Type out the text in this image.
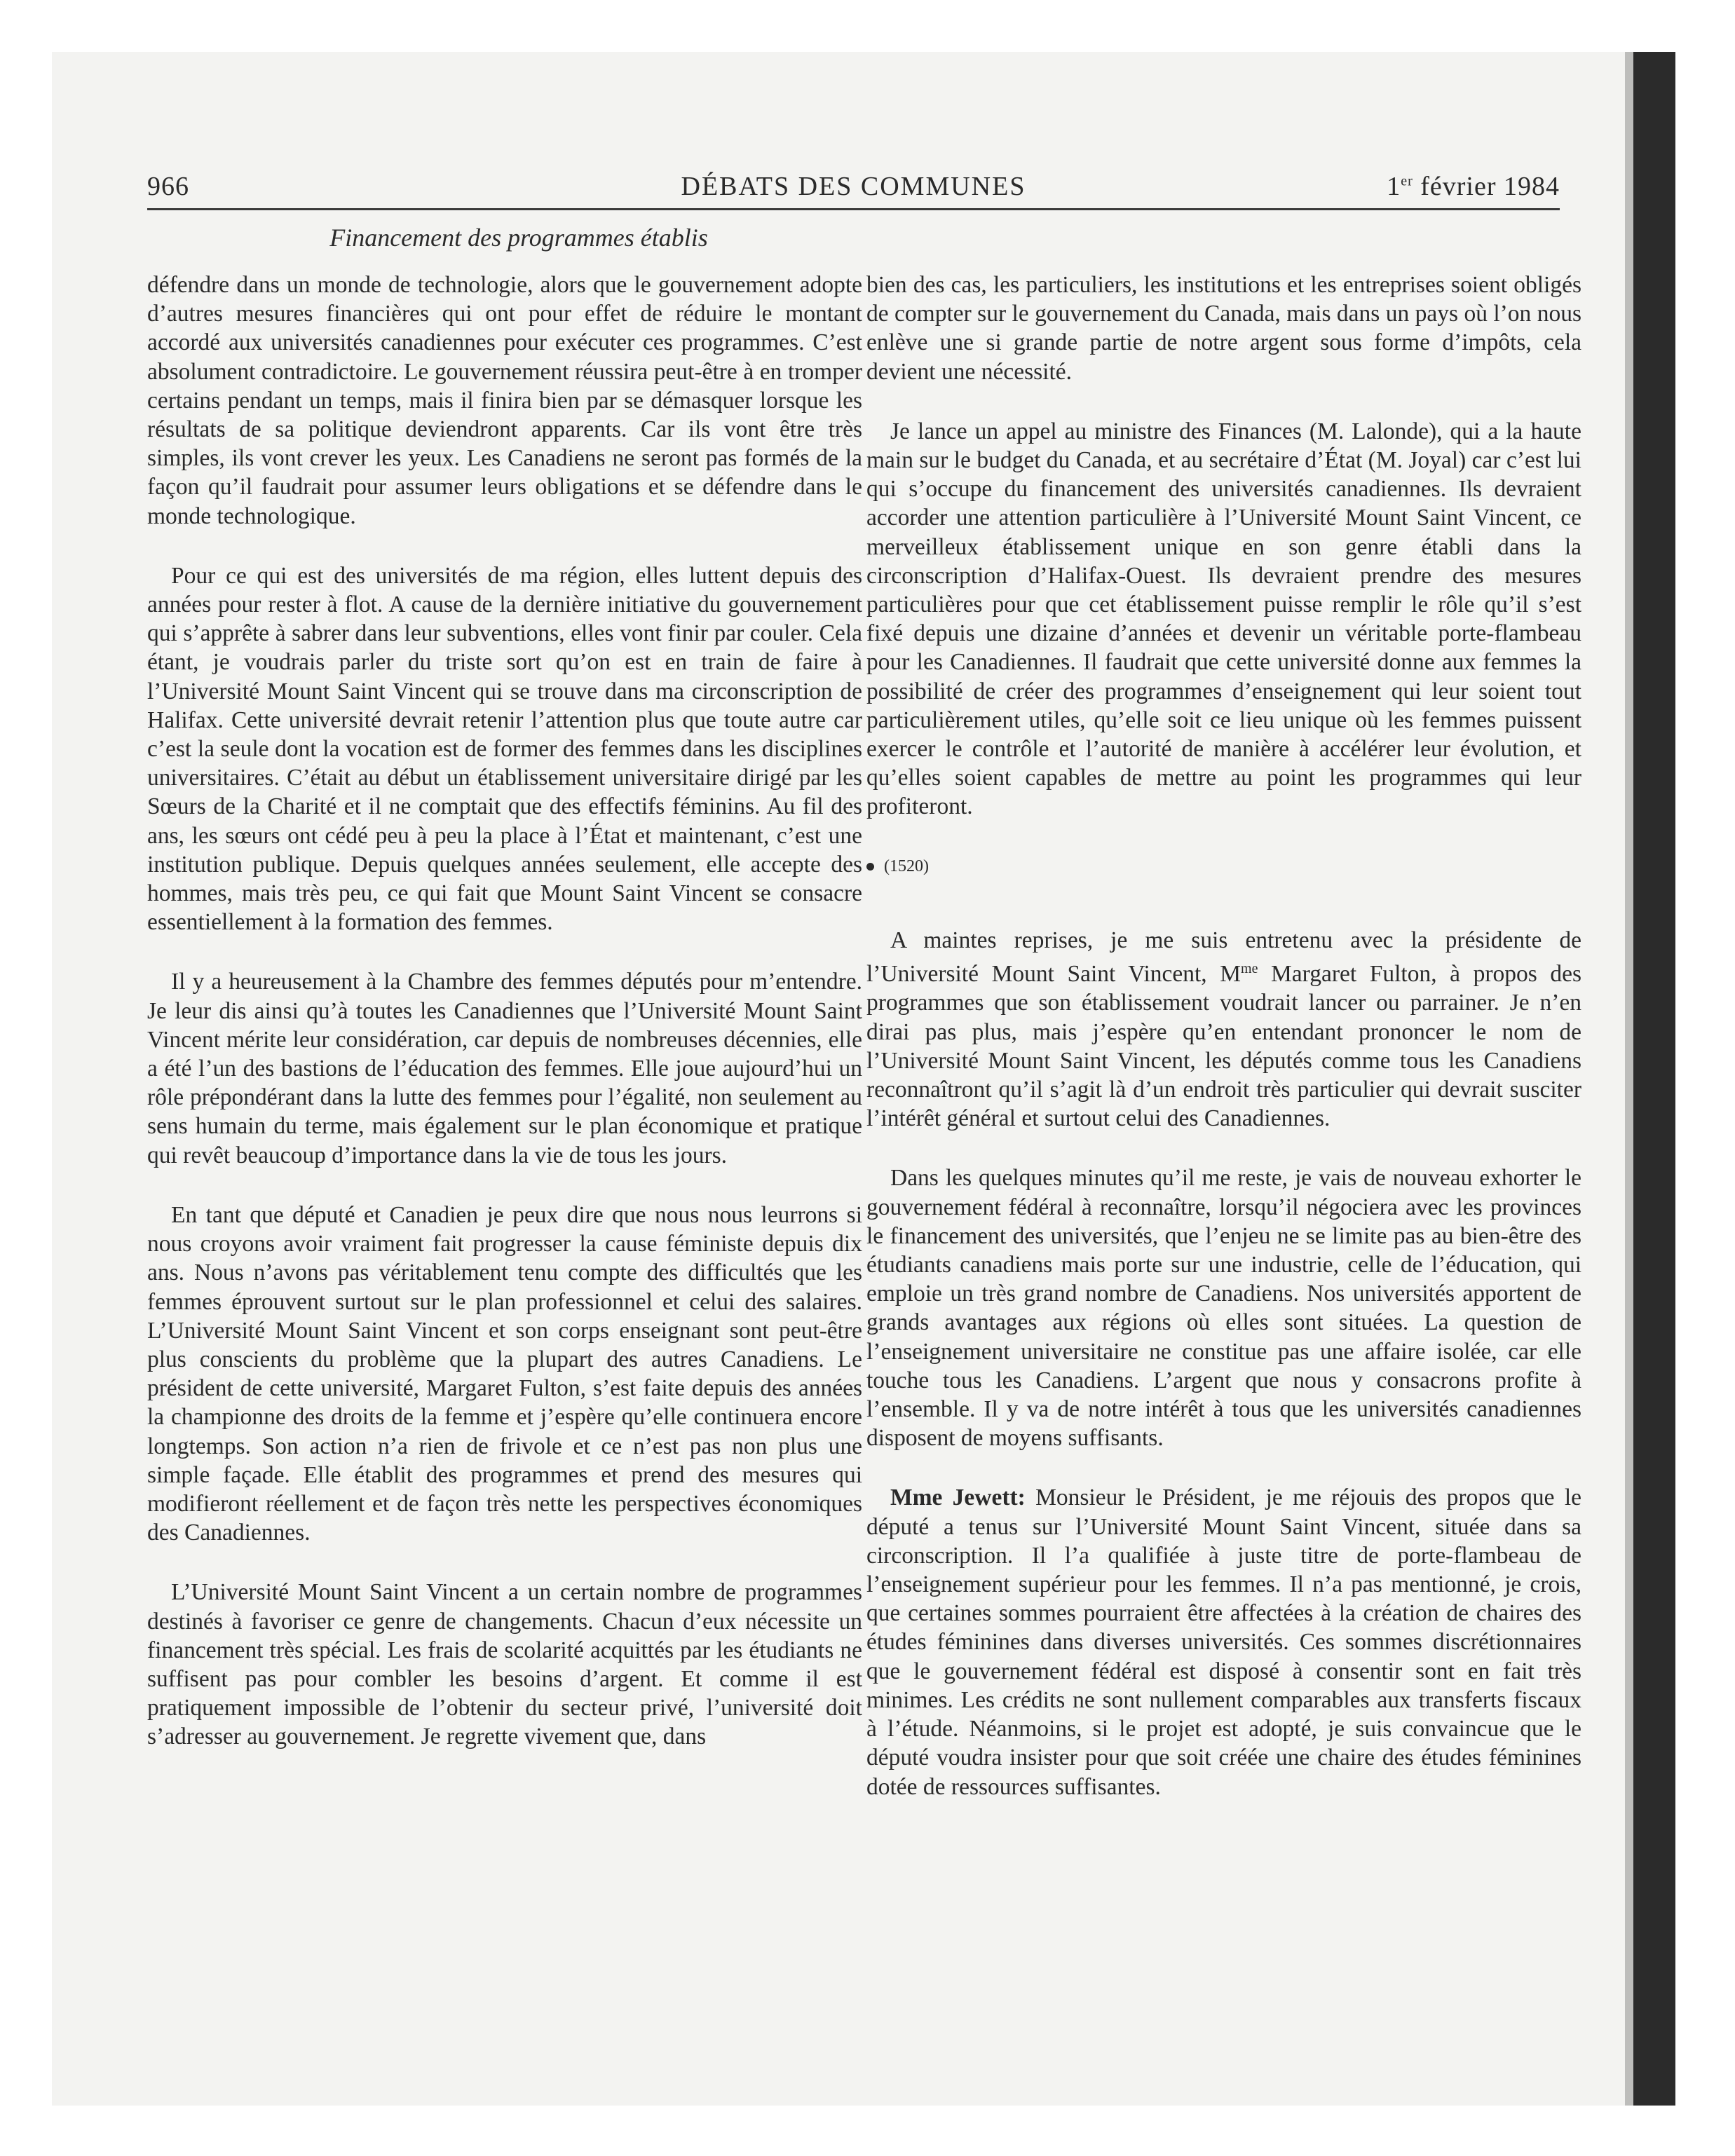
966	DÉBATS DES COMMUNES	1er février 1984
Financement des programmes établis

défendre dans un monde de technologie, alors que le gouvernement adopte d’autres mesures financières qui ont pour effet de réduire le montant accordé aux universités canadiennes pour exécuter ces programmes. C’est absolument contradictoire. Le gouvernement réussira peut-être à en tromper certains pendant un temps, mais il finira bien par se démasquer lorsque les résultats de sa politique deviendront apparents. Car ils vont être très simples, ils vont crever les yeux. Les Canadiens ne seront pas formés de la façon qu’il faudrait pour assumer leurs obligations et se défendre dans le monde technologique.

Pour ce qui est des universités de ma région, elles luttent depuis des années pour rester à flot. A cause de la dernière initiative du gouvernement qui s’apprête à sabrer dans leur subventions, elles vont finir par couler. Cela étant, je voudrais parler du triste sort qu’on est en train de faire à l’Université Mount Saint Vincent qui se trouve dans ma circonscription de Halifax. Cette université devrait retenir l’attention plus que toute autre car c’est la seule dont la vocation est de former des femmes dans les disciplines universitaires. C’était au début un établissement universitaire dirigé par les Sœurs de la Charité et il ne comptait que des effectifs féminins. Au fil des ans, les sœurs ont cédé peu à peu la place à l’État et maintenant, c’est une institution publique. Depuis quelques années seulement, elle accepte des hommes, mais très peu, ce qui fait que Mount Saint Vincent se consacre essentiellement à la formation des femmes.

Il y a heureusement à la Chambre des femmes députés pour m’entendre. Je leur dis ainsi qu’à toutes les Canadiennes que l’Université Mount Saint Vincent mérite leur considération, car depuis de nombreuses décennies, elle a été l’un des bastions de l’éducation des femmes. Elle joue aujourd’hui un rôle prépondérant dans la lutte des femmes pour l’égalité, non seulement au sens humain du terme, mais également sur le plan économique et pratique qui revêt beaucoup d’importance dans la vie de tous les jours.

En tant que député et Canadien je peux dire que nous nous leurrons si nous croyons avoir vraiment fait progresser la cause féministe depuis dix ans. Nous n’avons pas véritablement tenu compte des difficultés que les femmes éprouvent surtout sur le plan professionnel et celui des salaires. L’Université Mount Saint Vincent et son corps enseignant sont peut-être plus conscients du problème que la plupart des autres Canadiens. Le président de cette université, Margaret Fulton, s’est faite depuis des années la championne des droits de la femme et j’espère qu’elle continuera encore longtemps. Son action n’a rien de frivole et ce n’est pas non plus une simple façade. Elle établit des programmes et prend des mesures qui modifieront réellement et de façon très nette les perspectives économiques des Canadiennes.

L’Université Mount Saint Vincent a un certain nombre de programmes destinés à favoriser ce genre de changements. Chacun d’eux nécessite un financement très spécial. Les frais de scolarité acquittés par les étudiants ne suffisent pas pour combler les besoins d’argent. Et comme il est pratiquement impossible de l’obtenir du secteur privé, l’université doit s’adresser au gouvernement. Je regrette vivement que, dans

bien des cas, les particuliers, les institutions et les entreprises soient obligés de compter sur le gouvernement du Canada, mais dans un pays où l’on nous enlève une si grande partie de notre argent sous forme d’impôts, cela devient une nécessité.

Je lance un appel au ministre des Finances (M. Lalonde), qui a la haute main sur le budget du Canada, et au secrétaire d’État (M. Joyal) car c’est lui qui s’occupe du financement des universités canadiennes. Ils devraient accorder une attention particulière à l’Université Mount Saint Vincent, ce merveilleux établissement unique en son genre établi dans la circonscription d’Halifax-Ouest. Ils devraient prendre des mesures particulières pour que cet établissement puisse remplir le rôle qu’il s’est fixé depuis une dizaine d’années et devenir un véritable porte-flambeau pour les Canadiennes. Il faudrait que cette université donne aux femmes la possibilité de créer des programmes d’enseignement qui leur soient tout particulièrement utiles, qu’elle soit ce lieu unique où les femmes puissent exercer le contrôle et l’autorité de manière à accélérer leur évolution, et qu’elles soient capables de mettre au point les programmes qui leur profiteront.

(1520)

A maintes reprises, je me suis entretenu avec la présidente de l’Université Mount Saint Vincent, $M^{me}$ Margaret Fulton, à propos des programmes que son établissement voudrait lancer ou parrainer. Je n’en dirai pas plus, mais j’espère qu’en entendant prononcer le nom de l’Université Mount Saint Vincent, les députés comme tous les Canadiens reconnaîtront qu’il s’agit là d’un endroit très particulier qui devrait susciter l’intérêt général et surtout celui des Canadiennes.

Dans les quelques minutes qu’il me reste, je vais de nouveau exhorter le gouvernement fédéral à reconnaître, lorsqu’il négociera avec les provinces le financement des universités, que l’enjeu ne se limite pas au bien-être des étudiants canadiens mais porte sur une industrie, celle de l’éducation, qui emploie un très grand nombre de Canadiens. Nos universités apportent de grands avantages aux régions où elles sont situées. La question de l’enseignement universitaire ne constitue pas une affaire isolée, car elle touche tous les Canadiens. L’argent que nous y consacrons profite à l’ensemble. Il y va de notre intérêt à tous que les universités canadiennes disposent de moyens suffisants.

Mme Jewett: Monsieur le Président, je me réjouis des propos que le député a tenus sur l’Université Mount Saint Vincent, située dans sa circonscription. Il l’a qualifiée à juste titre de porte-flambeau de l’enseignement supérieur pour les femmes. Il n’a pas mentionné, je crois, que certaines sommes pourraient être affectées à la création de chaires des études féminines dans diverses universités. Ces sommes discrétionnaires que le gouvernement fédéral est disposé à consentir sont en fait très minimes. Les crédits ne sont nullement comparables aux transferts fiscaux à l’étude. Néanmoins, si le projet est adopté, je suis convaincue que le député voudra insister pour que soit créée une chaire des études féminines dotée de ressources suffisantes.
